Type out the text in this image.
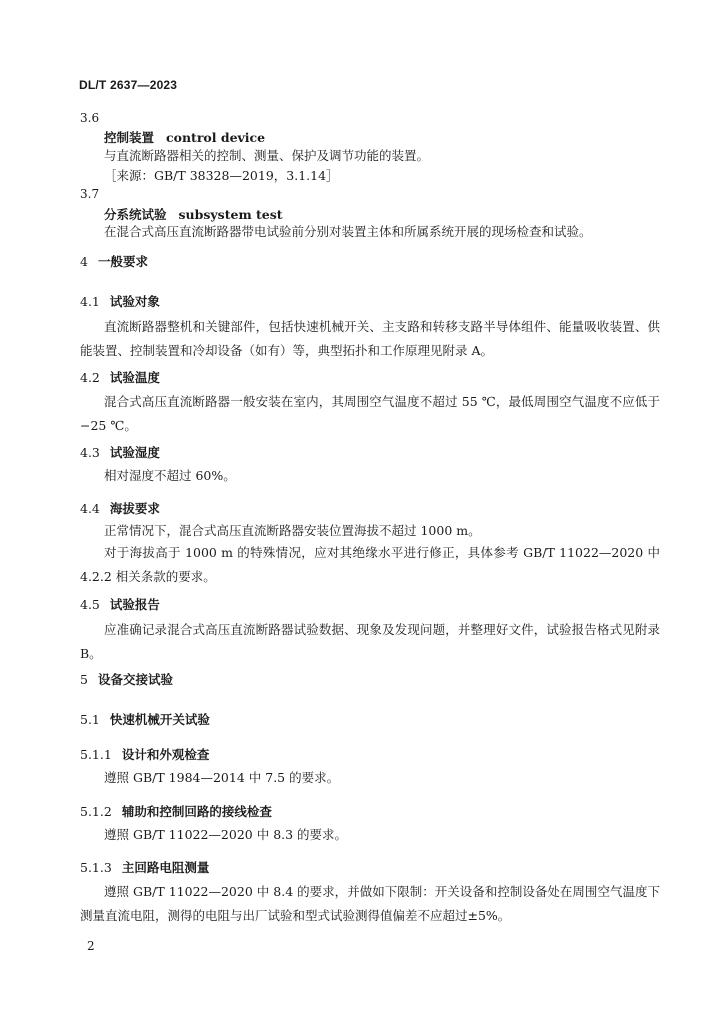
DL/T 2637—2023
3.6
控制装置 control device
与直流断路器相关的控制、测量、保护及调节功能的装置。
［来源：GB/T 38328—2019，3.1.14］
3.7
分系统试验 subsystem test
在混合式高压直流断路器带电试验前分别对装置主体和所属系统开展的现场检查和试验。
4 一般要求
4.1 试验对象
直流断路器整机和关键部件，包括快速机械开关、主支路和转移支路半导体组件、能量吸收装置、供能装置、控制装置和冷却设备（如有）等，典型拓扑和工作原理见附录 A。
4.2 试验温度
混合式高压直流断路器一般安装在室内，其周围空气温度不超过 55 ℃，最低周围空气温度不应低于−25 ℃。
4.3 试验湿度
相对湿度不超过 60%。
4.4 海拔要求
正常情况下，混合式高压直流断路器安装位置海拔不超过 1000 m。
对于海拔高于 1000 m 的特殊情况，应对其绝缘水平进行修正，具体参考 GB/T 11022—2020 中 4.2.2 相关条款的要求。
4.5 试验报告
应准确记录混合式高压直流断路器试验数据、现象及发现问题，并整理好文件，试验报告格式见附录 B。
5 设备交接试验
5.1 快速机械开关试验
5.1.1 设计和外观检查
遵照 GB/T 1984—2014 中 7.5 的要求。
5.1.2 辅助和控制回路的接线检查
遵照 GB/T 11022—2020 中 8.3 的要求。
5.1.3 主回路电阻测量
遵照 GB/T 11022—2020 中 8.4 的要求，并做如下限制：开关设备和控制设备处在周围空气温度下测量直流电阻，测得的电阻与出厂试验和型式试验测得值偏差不应超过±5%。
2
